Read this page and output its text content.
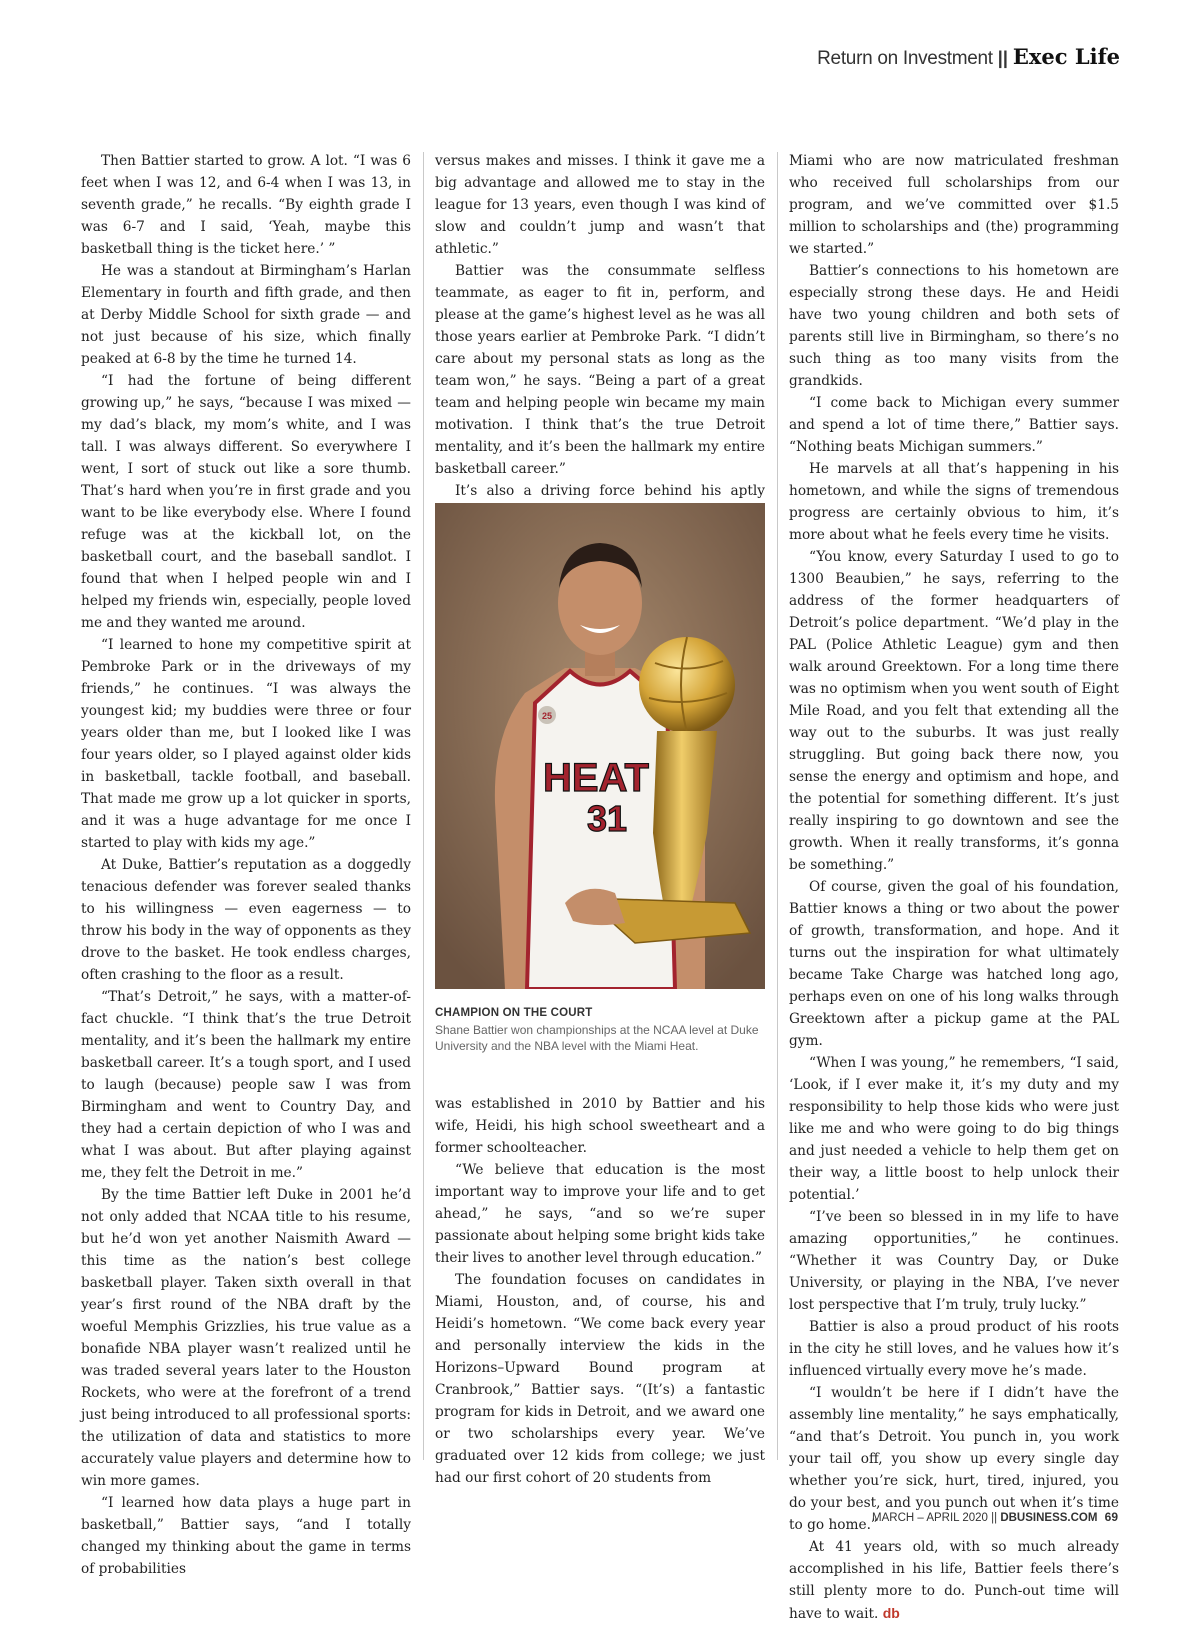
Return on Investment || Exec Life

Then Battier started to grow. A lot. “I was 6 feet when I was 12, and 6-4 when I was 13, in seventh grade,” he recalls. “By eighth grade I was 6-7 and I said, ‘Yeah, maybe this basketball thing is the ticket here.’ ”

He was a standout at Birmingham’s Harlan Elementary in fourth and fifth grade, and then at Derby Middle School for sixth grade — and not just because of his size, which finally peaked at 6-8 by the time he turned 14.

“I had the fortune of being different growing up,” he says, “because I was mixed — my dad’s black, my mom’s white, and I was tall. I was always different. So everywhere I went, I sort of stuck out like a sore thumb. That’s hard when you’re in first grade and you want to be like everybody else. Where I found refuge was at the kickball lot, on the basketball court, and the baseball sandlot. I found that when I helped people win and I helped my friends win, especially, people loved me and they wanted me around.

“I learned to hone my competitive spirit at Pembroke Park or in the driveways of my friends,” he continues. “I was always the youngest kid; my buddies were three or four years older than me, but I looked like I was four years older, so I played against older kids in basketball, tackle football, and baseball. That made me grow up a lot quicker in sports, and it was a huge advantage for me once I started to play with kids my age.”

At Duke, Battier’s reputation as a doggedly tenacious defender was forever sealed thanks to his willingness — even eagerness — to throw his body in the way of opponents as they drove to the basket. He took endless charges, often crashing to the floor as a result.

“That’s Detroit,” he says, with a matter-of-fact chuckle. “I think that’s the true Detroit mentality, and it’s been the hallmark my entire basketball career. It’s a tough sport, and I used to laugh (because) people saw I was from Birmingham and went to Country Day, and they had a certain depiction of who I was and what I was about. But after playing against me, they felt the Detroit in me.”

By the time Battier left Duke in 2001 he’d not only added that NCAA title to his resume, but he’d won yet another Naismith Award — this time as the nation’s best college basketball player. Taken sixth overall in that year’s first round of the NBA draft by the woeful Memphis Grizzlies, his true value as a bonafide NBA player wasn’t realized until he was traded several years later to the Houston Rockets, who were at the forefront of a trend just being introduced to all professional sports: the utilization of data and statistics to more accurately value players and determine how to win more games.

“I learned how data plays a huge part in basketball,” Battier says, “and I totally changed my thinking about the game in terms of probabilities

versus makes and misses. I think it gave me a big advantage and allowed me to stay in the league for 13 years, even though I was kind of slow and couldn’t jump and wasn’t that athletic.”

Battier was the consummate selfless teammate, as eager to fit in, perform, and please at the game’s highest level as he was all those years earlier at Pembroke Park. “I didn’t care about my personal stats as long as the team won,” he says. “Being a part of a great team and helping people win became my main motivation. I think that’s the true Detroit mentality, and it’s been the hallmark my entire basketball career.”

It’s also a driving force behind his aptly

25
HEAT
31
CHAMPION ON THE COURT
Shane Battier won championships at the NCAA level at Duke University and the NBA level with the Miami Heat.

was established in 2010 by Battier and his wife, Heidi, his high school sweetheart and a former schoolteacher.

“We believe that education is the most important way to improve your life and to get ahead,” he says, “and so we’re super passionate about helping some bright kids take their lives to another level through education.”

The foundation focuses on candidates in Miami, Houston, and, of course, his and Heidi’s hometown. “We come back every year and personally interview the kids in the Horizons–Upward Bound program at Cranbrook,” Battier says. “(It’s) a fantastic program for kids in Detroit, and we award one or two scholarships every year. We’ve graduated over 12 kids from college; we just had our first cohort of 20 students from

Miami who are now matriculated freshman who received full scholarships from our program, and we’ve committed over $1.5 million to scholarships and (the) programming we started.”

Battier’s connections to his hometown are especially strong these days. He and Heidi have two young children and both sets of parents still live in Birmingham, so there’s no such thing as too many visits from the grandkids.

“I come back to Michigan every summer and spend a lot of time there,” Battier says. “Nothing beats Michigan summers.”

He marvels at all that’s happening in his hometown, and while the signs of tremendous progress are certainly obvious to him, it’s more about what he feels every time he visits.

“You know, every Saturday I used to go to 1300 Beaubien,” he says, referring to the address of the former headquarters of Detroit’s police department. “We’d play in the PAL (Police Athletic League) gym and then walk around Greektown. For a long time there was no optimism when you went south of Eight Mile Road, and you felt that extending all the way out to the suburbs. It was just really struggling. But going back there now, you sense the energy and optimism and hope, and the potential for something different. It’s just really inspiring to go downtown and see the growth. When it really transforms, it’s gonna be something.”

Of course, given the goal of his foundation, Battier knows a thing or two about the power of growth, transformation, and hope. And it turns out the inspiration for what ultimately became Take Charge was hatched long ago, perhaps even on one of his long walks through Greektown after a pickup game at the PAL gym.

“When I was young,” he remembers, “I said, ‘Look, if I ever make it, it’s my duty and my responsibility to help those kids who were just like me and who were going to do big things and just needed a vehicle to help them get on their way, a little boost to help unlock their potential.’

“I’ve been so blessed in in my life to have amazing opportunities,” he continues. “Whether it was Country Day, or Duke University, or playing in the NBA, I’ve never lost perspective that I’m truly, truly lucky.”

Battier is also a proud product of his roots in the city he still loves, and he values how it’s influenced virtually every move he’s made.

“I wouldn’t be here if I didn’t have the assembly line mentality,” he says emphatically, “and that’s Detroit. You punch in, you work your tail off, you show up every single day whether you’re sick, hurt, tired, injured, you do your best, and you punch out when it’s time to go home.”

At 41 years old, with so much already accomplished in his life, Battier feels there’s still plenty more to do. Punch-out time will have to wait. db

MARCH – APRIL 2020 || DBUSINESS.COM 69
